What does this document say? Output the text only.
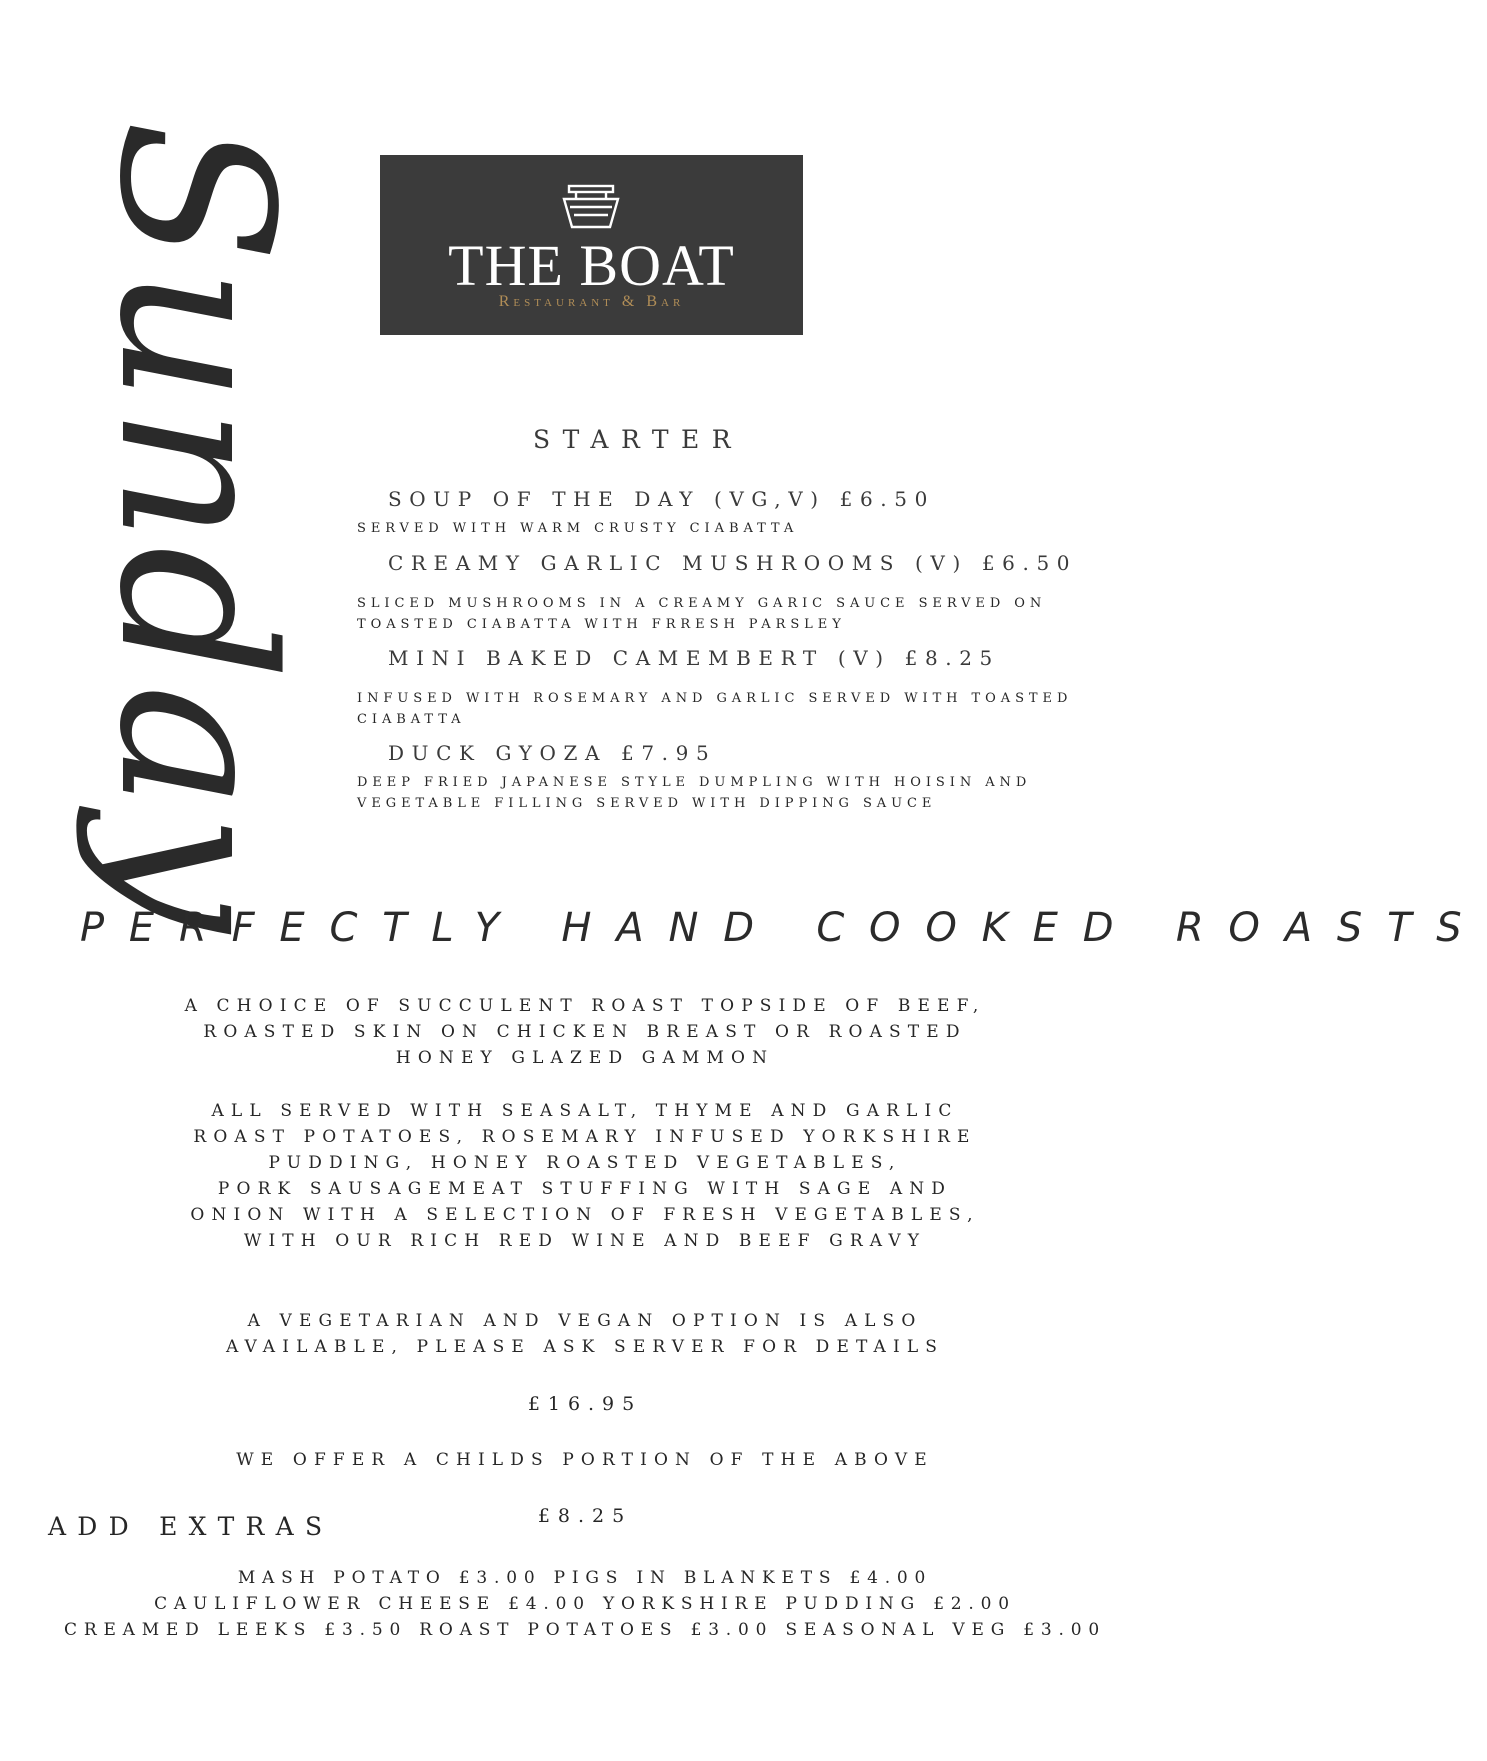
Sunday	THE BOAT
Restaurant & Bar
STARTER
SOUP OF THE DAY (VG,V) £6.50
SERVED WITH WARM CRUSTY CIABATTA
CREAMY GARLIC MUSHROOMS (V) £6.50
SLICED MUSHROOMS IN A CREAMY GARIC SAUCE SERVED ON
TOASTED CIABATTA WITH FRRESH PARSLEY
MINI BAKED CAMEMBERT (V) £8.25
INFUSED WITH ROSEMARY AND GARLIC SERVED WITH TOASTED
CIABATTA
DUCK GYOZA £7.95
DEEP FRIED JAPANESE STYLE DUMPLING WITH HOISIN AND
VEGETABLE FILLING SERVED WITH DIPPING SAUCE
PERFECTLY HAND COOKED ROASTS
A CHOICE OF SUCCULENT ROAST TOPSIDE OF BEEF,
ROASTED SKIN ON CHICKEN BREAST OR ROASTED
HONEY GLAZED GAMMON
ALL SERVED WITH SEASALT, THYME AND GARLIC
ROAST POTATOES, ROSEMARY INFUSED YORKSHIRE
PUDDING, HONEY ROASTED VEGETABLES,
PORK SAUSAGEMEAT STUFFING WITH SAGE AND
ONION WITH A SELECTION OF FRESH VEGETABLES,
WITH OUR RICH RED WINE AND BEEF GRAVY
A VEGETARIAN AND VEGAN OPTION IS ALSO
AVAILABLE, PLEASE ASK SERVER FOR DETAILS
£16.95
WE OFFER A CHILDS PORTION OF THE ABOVE
£8.25
ADD EXTRAS
MASH POTATO £3.00 PIGS IN BLANKETS £4.00
CAULIFLOWER CHEESE £4.00 YORKSHIRE PUDDING £2.00
CREAMED LEEKS £3.50 ROAST POTATOES £3.00 SEASONAL VEG £3.00
